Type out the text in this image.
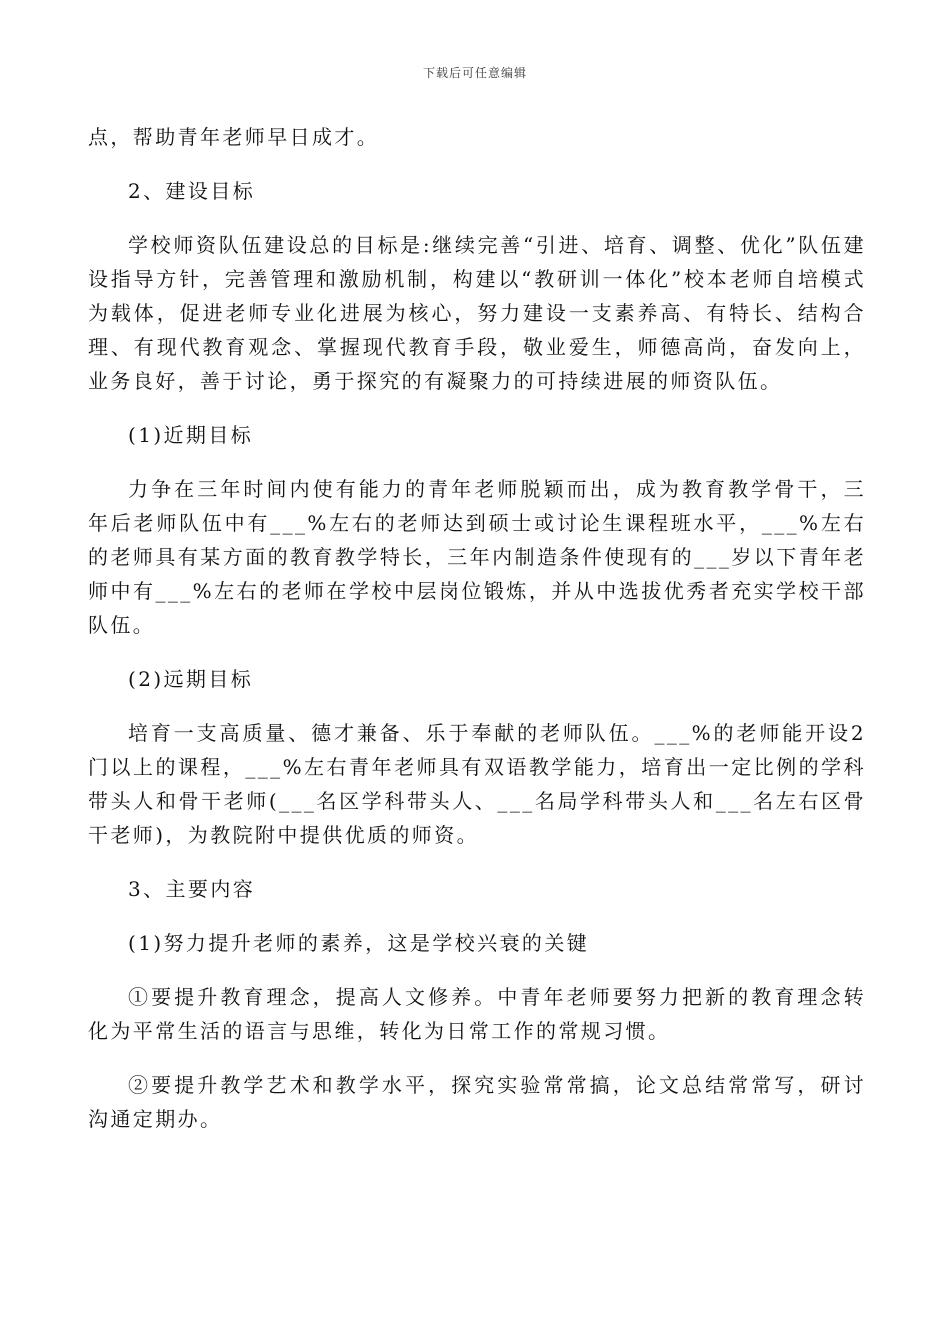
下载后可任意编辑

点，帮助青年老师早日成才。

2、建设目标

学校师资队伍建设总的目标是:继续完善“引进、培育、调整、优化”队伍建设指导方针，完善管理和激励机制，构建以“教研训一体化”校本老师自培模式为载体，促进老师专业化进展为核心，努力建设一支素养高、有特长、结构合理、有现代教育观念、掌握现代教育手段，敬业爱生，师德高尚，奋发向上，业务良好，善于讨论，勇于探究的有凝聚力的可持续进展的师资队伍。

(1)近期目标

力争在三年时间内使有能力的青年老师脱颖而出，成为教育教学骨干，三年后老师队伍中有___%左右的老师达到硕士或讨论生课程班水平，___%左右的老师具有某方面的教育教学特长，三年内制造条件使现有的___岁以下青年老师中有___%左右的老师在学校中层岗位锻炼，并从中选拔优秀者充实学校干部队伍。

(2)远期目标

培育一支高质量、德才兼备、乐于奉献的老师队伍。___%的老师能开设2门以上的课程，___%左右青年老师具有双语教学能力，培育出一定比例的学科带头人和骨干老师(___名区学科带头人、___名局学科带头人和___名左右区骨干老师)，为教院附中提供优质的师资。

3、主要内容

(1)努力提升老师的素养，这是学校兴衰的关键

①要提升教育理念，提高人文修养。中青年老师要努力把新的教育理念转化为平常生活的语言与思维，转化为日常工作的常规习惯。

②要提升教学艺术和教学水平，探究实验常常搞，论文总结常常写，研讨沟通定期办。
